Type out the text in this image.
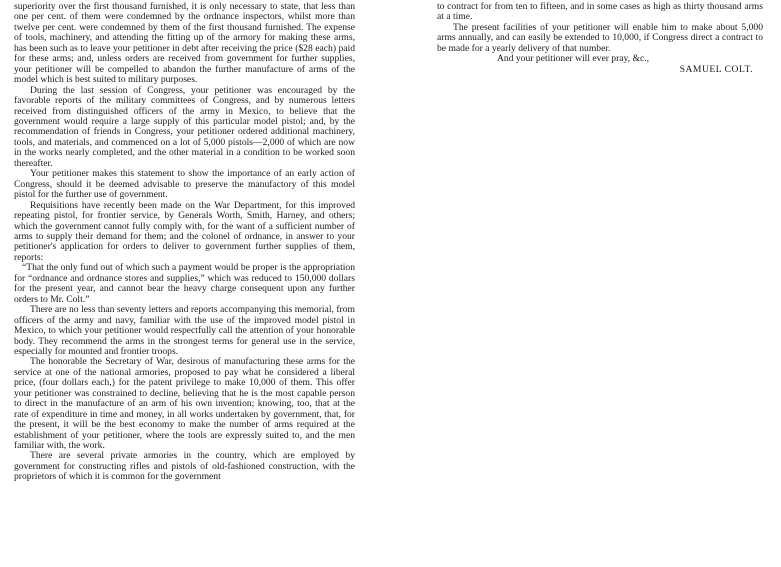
superiority over the first thousand furnished, it is only necessary to state, that less than one per cent. of them were condemned by the ordnance inspectors, whilst more than twelve per cent. were condemned by them of the first thousand furnished. The expense of tools, machinery, and attending the fitting up of the armory for making these arms, has been such as to leave your petitioner in debt after receiving the price ($28 each) paid for these arms; and, unless orders are received from government for further supplies, your petitioner will be compelled to abandon the further manufacture of arms of the model which is best suited to military purposes.

During the last session of Congress, your petitioner was encouraged by the favorable reports of the military committees of Congress, and by numerous letters received from distinguished officers of the army in Mexico, to believe that the government would require a large supply of this particular model pistol; and, by the recommendation of friends in Congress, your petitioner ordered additional machinery, tools, and materials, and commenced on a lot of 5,000 pistols—2,000 of which are now in the works nearly completed, and the other material in a condition to be worked soon thereafter.

Your petitioner makes this statement to show the importance of an early action of Congress, should it be deemed advisable to preserve the manufactory of this model pistol for the further use of government.

Requisitions have recently been made on the War Department, for this improved repeating pistol, for frontier service, by Generals Worth, Smith, Harney, and others; which the government cannot fully comply with, for the want of a sufficient number of arms to supply their demand for them; and the colonel of ordnance, in answer to your petitioner's application for orders to deliver to government further supplies of them, reports:

“That the only fund out of which such a payment would be proper is the appropriation for “ordnance and ordnance stores and supplies,” which was reduced to 150,000 dollars for the present year, and cannot bear the heavy charge consequent upon any further orders to Mr. Colt.”

There are no less than seventy letters and reports accompanying this memorial, from officers of the army and navy, familiar with the use of the improved model pistol in Mexico, to which your petitioner would respectfully call the attention of your honorable body. They recommend the arms in the strongest terms for general use in the service, especially for mounted and frontier troops.

The honorable the Secretary of War, desirous of manufacturing these arms for the service at one of the national armories, proposed to pay what he considered a liberal price, (four dollars each,) for the patent privilege to make 10,000 of them. This offer your petitioner was constrained to decline, believing that he is the most capable person to direct in the manufacture of an arm of his own invention; knowing, too, that at the rate of expenditure in time and money, in all works undertaken by government, that, for the present, it will be the best economy to make the number of arms required at the establishment of your petitioner, where the tools are expressly suited to, and the men familiar with, the work.

There are several private armories in the country, which are employed by government for constructing rifles and pistols of old-fashioned construction, with the proprietors of which it is common for the government

to contract for from ten to fifteen, and in some cases as high as thirty thousand arms at a time.

The present facilities of your petitioner will enable him to make about 5,000 arms annually, and can easily be extended to 10,000, if Congress direct a contract to be made for a yearly delivery of that number.

And your petitioner will ever pray, &c.,

SAMUEL COLT.
